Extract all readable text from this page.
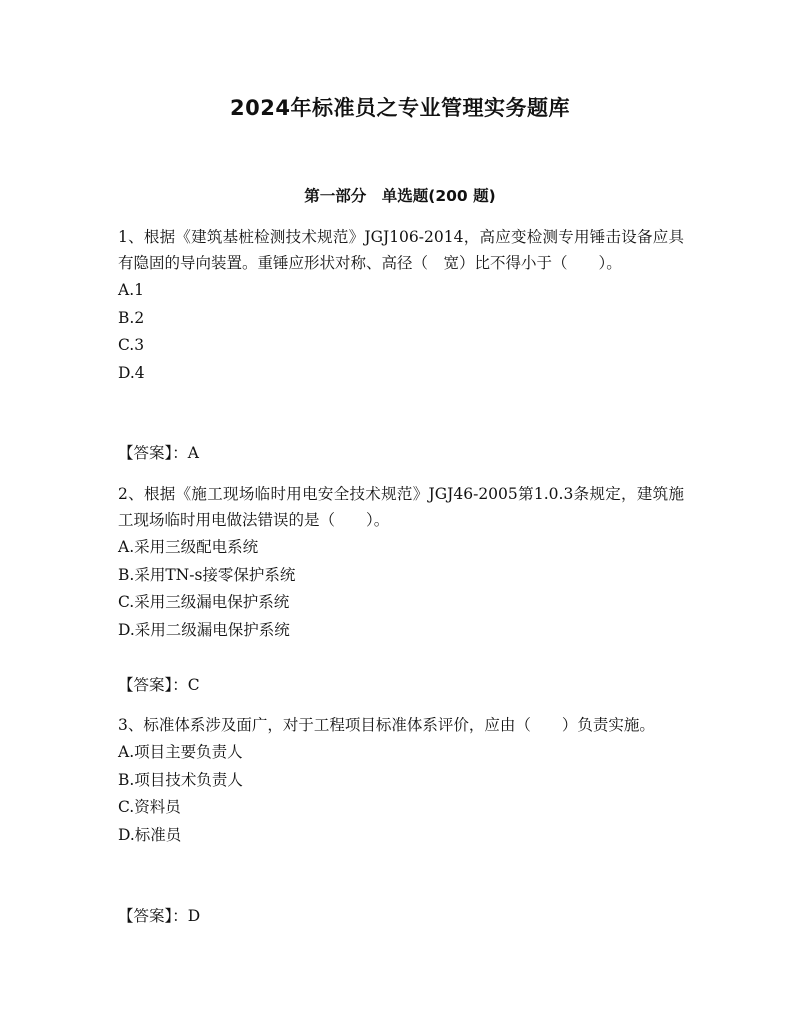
2024年标准员之专业管理实务题库
第一部分　单选题(200 题)
1、根据《建筑基桩检测技术规范》JGJ106-2014，高应变检测专用锤击设备应具有隐固的导向装置。重锤应形状对称、高径（　宽）比不得小于（　　）。
A.1
B.2
C.3
D.4
【答案】：A
2、根据《施工现场临时用电安全技术规范》JGJ46-2005第1.0.3条规定，建筑施工现场临时用电做法错误的是（　　）。
A.采用三级配电系统
B.采用TN-s接零保护系统
C.采用三级漏电保护系统
D.采用二级漏电保护系统
【答案】：C
3、标准体系涉及面广，对于工程项目标准体系评价，应由（　　）负责实施。
A.项目主要负责人
B.项目技术负责人
C.资料员
D.标准员
【答案】：D
